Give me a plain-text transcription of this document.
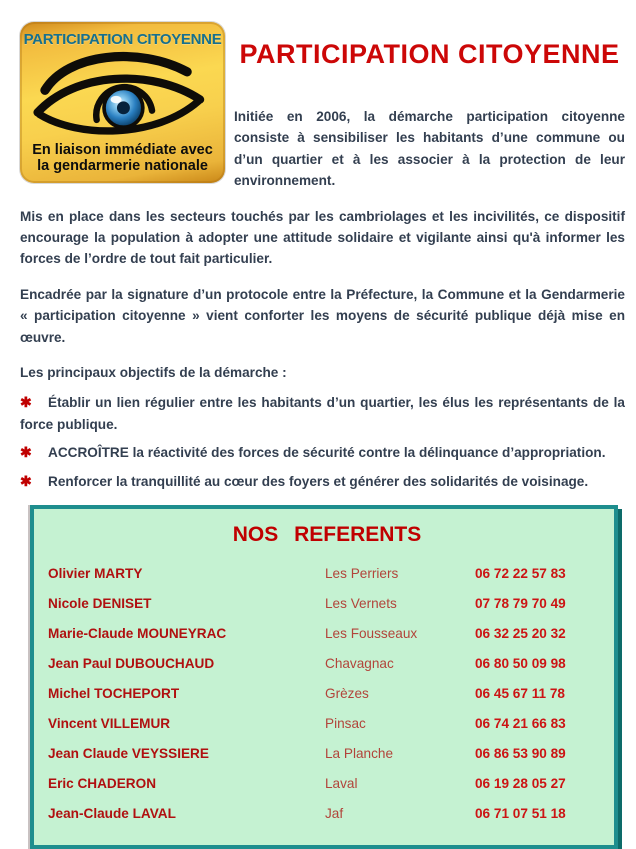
PARTICIPATION CITOYENNE
En liaison immédiate avec
la gendarmerie nationale
PARTICIPATION CITOYENNE

Initiée en 2006, la démarche participation citoyenne consiste à sensibiliser les habitants d’une commune ou d’un quartier et à les associer à la protection de leur environnement.

Mis en place dans les secteurs touchés par les cambriolages et les incivilités, ce dispositif encourage la population à adopter une attitude solidaire et vigilante ainsi qu'à informer les forces de l’ordre de tout fait particulier.

Encadrée par la signature d’un protocole entre la Préfecture, la Commune et la Gendarmerie « participation citoyenne » vient conforter les moyens de sécurité publique déjà mise en œuvre.

Les principaux objectifs de la démarche :

✱ Établir un lien régulier entre les habitants d’un quartier, les élus les représentants de la force publique.

✱ ACCROÎTRE la réactivité des forces de sécurité contre la délinquance d’appropriation.

✱ Renforcer la tranquillité au cœur des foyers et générer des solidarités de voisinage.

NOS REFERENTS
Olivier MARTY	Les Perriers	06 72 22 57 83
Nicole DENISET	Les Vernets	07 78 79 70 49
Marie-Claude MOUNEYRAC	Les Fousseaux	06 32 25 20 32
Jean Paul DUBOUCHAUD	Chavagnac	06 80 50 09 98
Michel TOCHEPORT	Grèzes	06 45 67 11 78
Vincent VILLEMUR	Pinsac	06 74 21 66 83
Jean Claude VEYSSIERE	La Planche	06 86 53 90 89
Eric CHADERON	Laval	06 19 28 05 27
Jean-Claude LAVAL	Jaf	06 71 07 51 18
